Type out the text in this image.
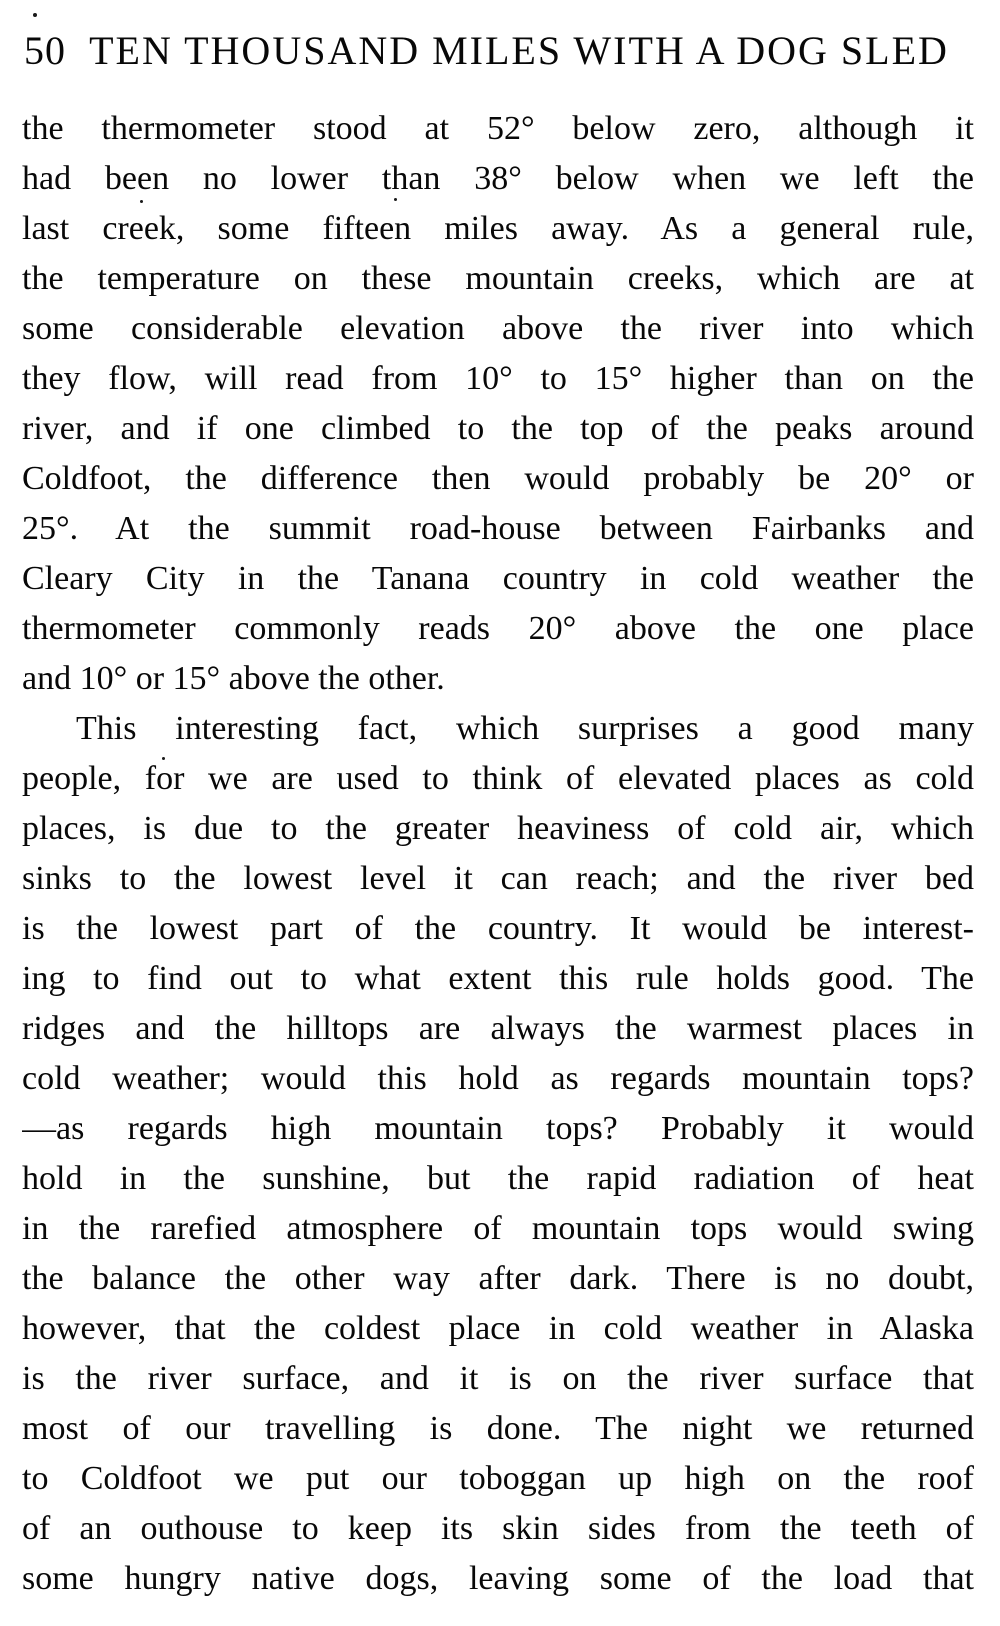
50 TEN THOUSAND MILES WITH A DOG SLED
the thermometer stood at 52° below zero, although it
had been no lower than 38° below when we left the
last creek, some fifteen miles away. As a general rule,
the temperature on these mountain creeks, which are at
some considerable elevation above the river into which
they flow, will read from 10° to 15° higher than on the
river, and if one climbed to the top of the peaks around
Coldfoot, the difference then would probably be 20° or
25°. At the summit road-house between Fairbanks and
Cleary City in the Tanana country in cold weather the
thermometer commonly reads 20° above the one place
and 10° or 15° above the other.
This interesting fact, which surprises a good many
people, for we are used to think of elevated places as cold
places, is due to the greater heaviness of cold air, which
sinks to the lowest level it can reach; and the river bed
is the lowest part of the country. It would be interest-
ing to find out to what extent this rule holds good. The
ridges and the hilltops are always the warmest places in
cold weather; would this hold as regards mountain tops?
—as regards high mountain tops? Probably it would
hold in the sunshine, but the rapid radiation of heat
in the rarefied atmosphere of mountain tops would swing
the balance the other way after dark. There is no doubt,
however, that the coldest place in cold weather in Alaska
is the river surface, and it is on the river surface that
most of our travelling is done. The night we returned
to Coldfoot we put our toboggan up high on the roof
of an outhouse to keep its skin sides from the teeth of
some hungry native dogs, leaving some of the load that
